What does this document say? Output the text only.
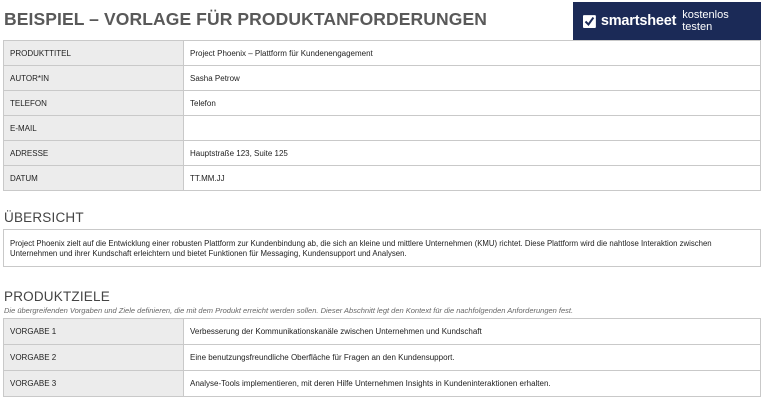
BEISPIEL – VORLAGE FÜR PRODUKTANFORDERUNGEN	smartsheet kostenlos testen
PRODUKTTITEL	Project Phoenix – Plattform für Kundenengagement
AUTOR*IN	Sasha Petrow
TELEFON	Telefon
E-MAIL	
ADRESSE	Hauptstraße 123, Suite 125
DATUM	TT.MM.JJ
ÜBERSICHT
Project Phoenix zielt auf die Entwicklung einer robusten Plattform zur Kundenbindung ab, die sich an kleine und mittlere Unternehmen (KMU) richtet. Diese Plattform wird die nahtlose Interaktion zwischen Unternehmen und ihrer Kundschaft erleichtern und bietet Funktionen für Messaging, Kundensupport und Analysen.
PRODUKTZIELE
Die übergreifenden Vorgaben und Ziele definieren, die mit dem Produkt erreicht werden sollen. Dieser Abschnitt legt den Kontext für die nachfolgenden Anforderungen fest.
VORGABE 1	Verbesserung der Kommunikationskanäle zwischen Unternehmen und Kundschaft
VORGABE 2	Eine benutzungsfreundliche Oberfläche für Fragen an den Kundensupport.
VORGABE 3	Analyse-Tools implementieren, mit deren Hilfe Unternehmen Insights in Kundeninteraktionen erhalten.
